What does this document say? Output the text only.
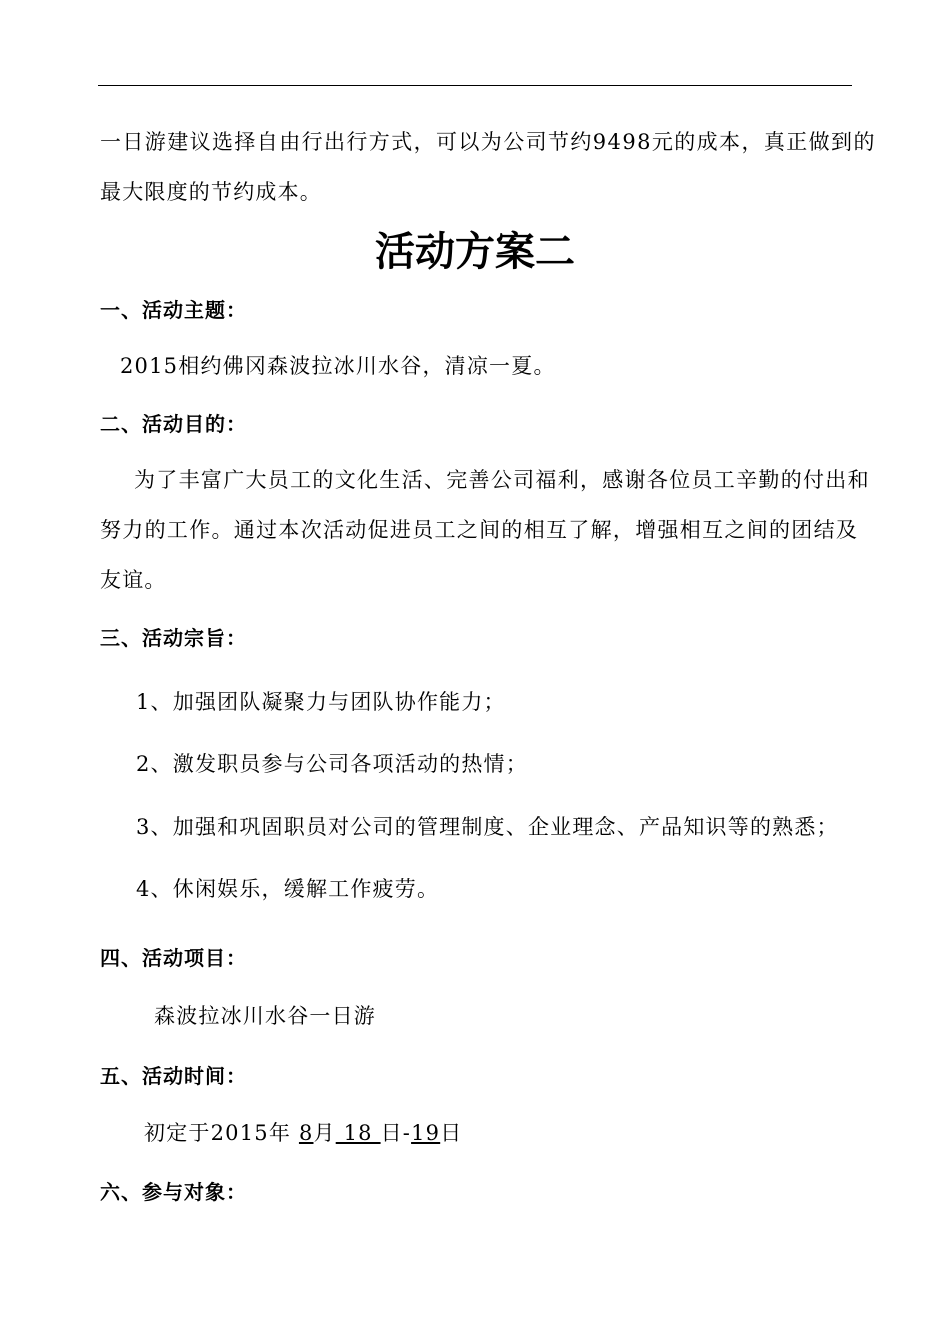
一日游建议选择自由行出行方式，可以为公司节约9498元的成本，真正做到的
最大限度的节约成本。
活动方案二
一、活动主题：
2015相约佛冈森波拉冰川水谷，清凉一夏。
二、活动目的：
为了丰富广大员工的文化生活、完善公司福利，感谢各位员工辛勤的付出和
努力的工作。通过本次活动促进员工之间的相互了解，增强相互之间的团结及
友谊。
三、活动宗旨：
1、加强团队凝聚力与团队协作能力；
2、激发职员参与公司各项活动的热情；
3、加强和巩固职员对公司的管理制度、企业理念、产品知识等的熟悉；
4、休闲娱乐，缓解工作疲劳。
四、活动项目：
森波拉冰川水谷一日游
五、活动时间：
初定于2015年 8月 18 日-19日
六、参与对象：
